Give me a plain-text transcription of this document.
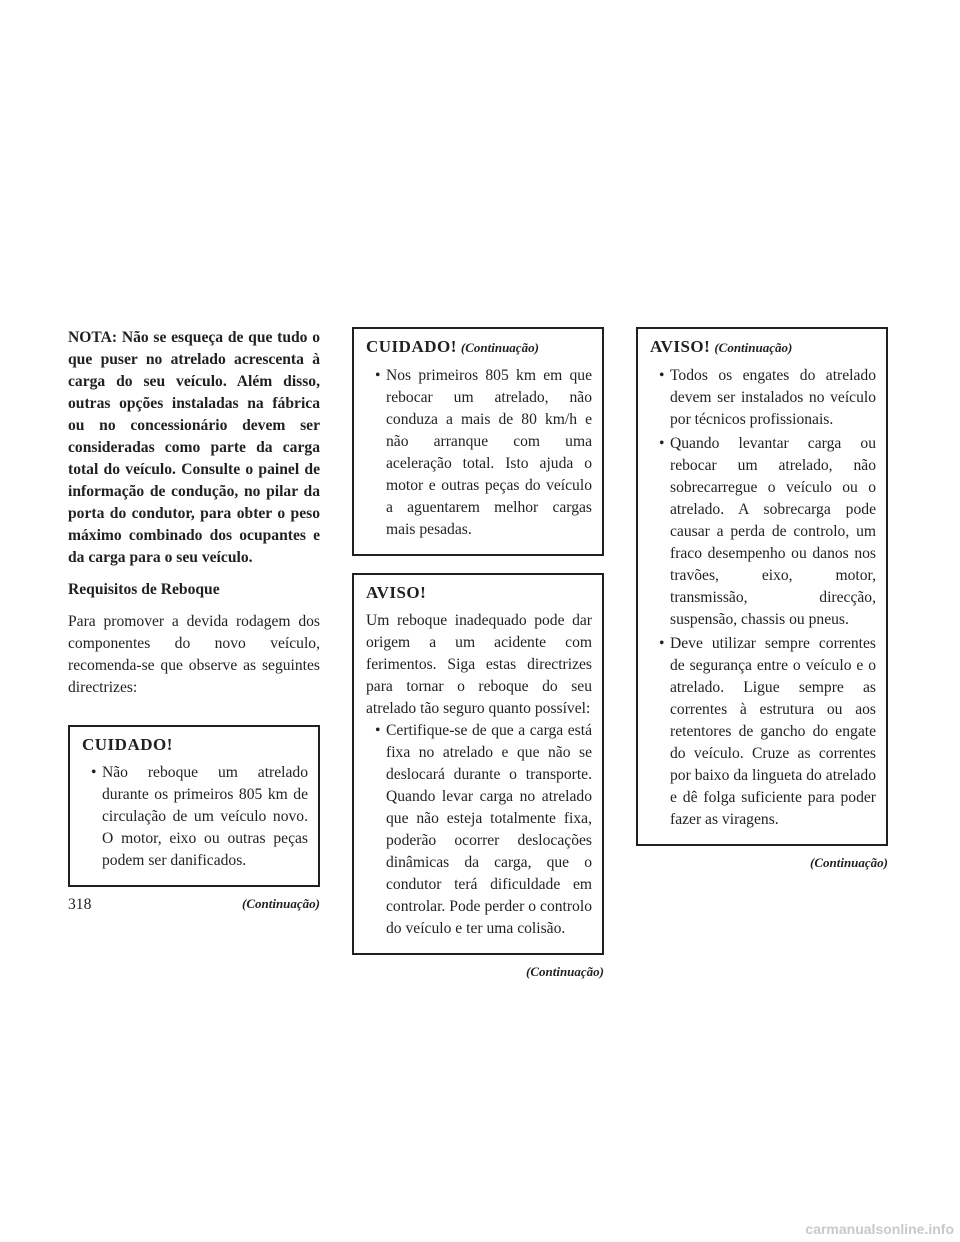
NOTA: Não se esqueça de que tudo o que puser no atrelado acrescenta à carga do seu veículo. Além disso, outras opções instaladas na fábrica ou no concessionário devem ser consideradas como parte da carga total do veículo. Consulte o painel de informação de condução, no pilar da porta do condutor, para obter o peso máximo combinado dos ocupantes e da carga para o seu veículo.

Requisitos de Reboque

Para promover a devida rodagem dos componentes do novo veículo, recomenda-se que observe as seguintes directrizes:

CUIDADO!
• Não reboque um atrelado durante os primeiros 805 km de circulação de um veículo novo. O motor, eixo ou outras peças podem ser danificados.

(Continuação)

CUIDADO! (Continuação)
• Nos primeiros 805 km em que rebocar um atrelado, não conduza a mais de 80 km/h e não arranque com uma aceleração total. Isto ajuda o motor e outras peças do veículo a aguentarem melhor cargas mais pesadas.
AVISO!

Um reboque inadequado pode dar origem a um acidente com ferimentos. Siga estas directrizes para tornar o reboque do seu atrelado tão seguro quanto possível:

• Certifique-se de que a carga está fixa no atrelado e que não se deslocará durante o transporte. Quando levar carga no atrelado que não esteja totalmente fixa, poderão ocorrer deslocações dinâmicas da carga, que o condutor terá dificuldade em controlar. Pode perder o controlo do veículo e ter uma colisão.

(Continuação)

AVISO! (Continuação)
• Todos os engates do atrelado devem ser instalados no veículo por técnicos profissionais.
• Quando levantar carga ou rebocar um atrelado, não sobrecarregue o veículo ou o atrelado. A sobrecarga pode causar a perda de controlo, um fraco desempenho ou danos nos travões, eixo, motor, transmissão, direcção, suspensão, chassis ou pneus.
• Deve utilizar sempre correntes de segurança entre o veículo e o atrelado. Ligue sempre as correntes à estrutura ou aos retentores de gancho do engate do veículo. Cruze as correntes por baixo da lingueta do atrelado e dê folga suficiente para poder fazer as viragens.

(Continuação)

318
carmanualsonline.info
